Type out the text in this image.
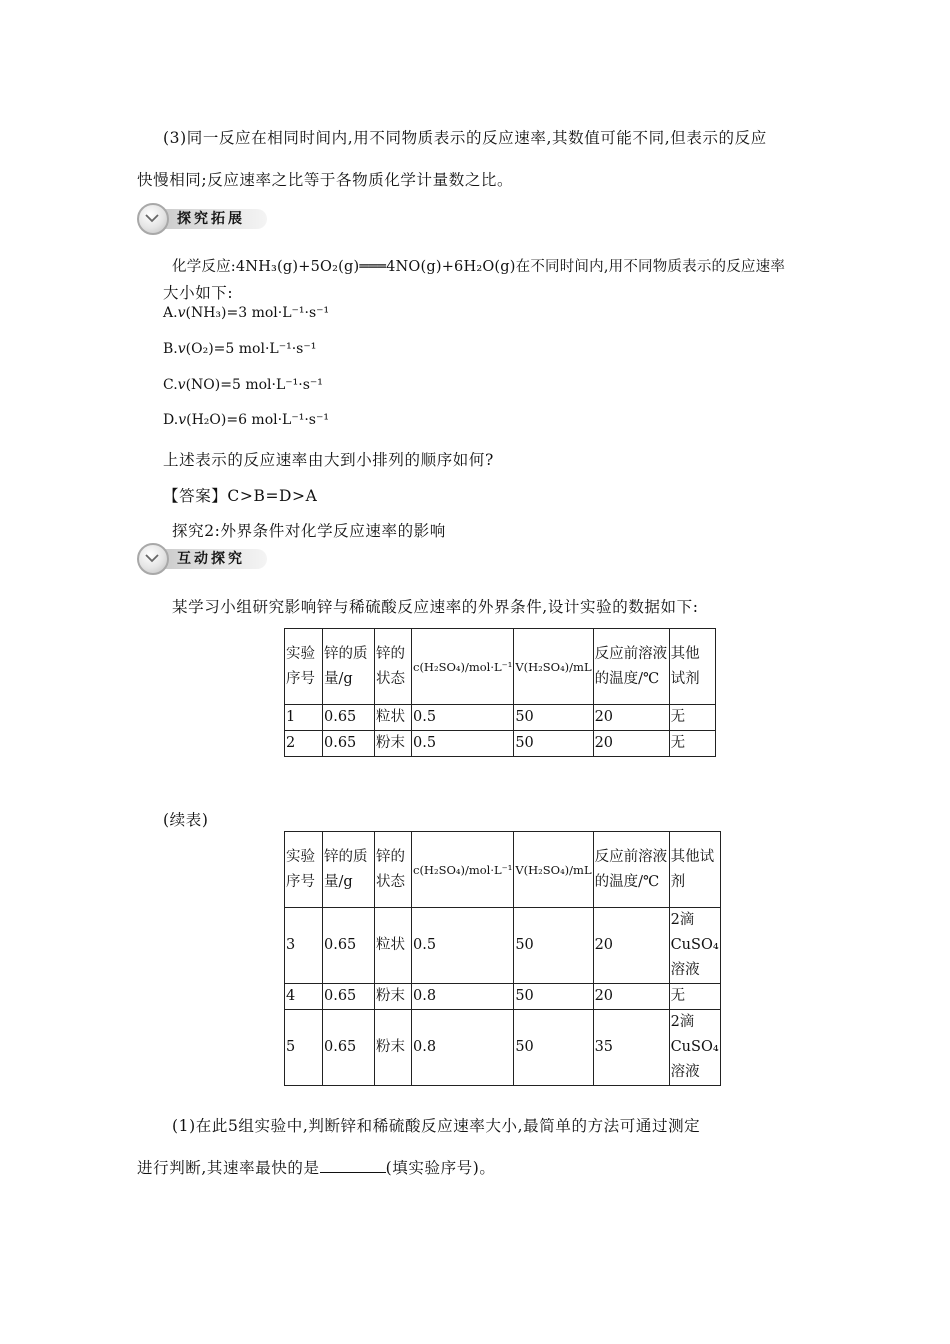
(3)同一反应在相同时间内,用不同物质表示的反应速率,其数值可能不同,但表示的反应
快慢相同;反应速率之比等于各物质化学计量数之比。
探究拓展
化学反应:4NH₃(g)+5O₂(g)═══4NO(g)+6H₂O(g)在不同时间内,用不同物质表示的反应速率
大小如下:
A.v(NH₃)=3 mol·L⁻¹·s⁻¹
B.v(O₂)=5 mol·L⁻¹·s⁻¹
C.v(NO)=5 mol·L⁻¹·s⁻¹
D.v(H₂O)=6 mol·L⁻¹·s⁻¹
上述表示的反应速率由大到小排列的顺序如何?
【答案】C>B=D>A
探究2:外界条件对化学反应速率的影响
互动探究
某学习小组研究影响锌与稀硫酸反应速率的外界条件,设计实验的数据如下:
实验序号	锌的质量/g	锌的状态	c(H₂SO₄)/mol·L⁻¹	V(H₂SO₄)/mL	反应前溶液的温度/℃	其他试剂
1	0.65	粒状	0.5	50	20	无
2	0.65	粉末	0.5	50	20	无
(续表)
实验序号	锌的质量/g	锌的状态	c(H₂SO₄)/mol·L⁻¹	V(H₂SO₄)/mL	反应前溶液的温度/℃	其他试剂
3	0.65	粒状	0.5	50	20	2滴CuSO₄溶液
4	0.65	粉末	0.8	50	20	无
5	0.65	粉末	0.8	50	35	2滴CuSO₄溶液
(1)在此5组实验中,判断锌和稀硫酸反应速率大小,最简单的方法可通过测定
进行判断,其速率最快的是	(填实验序号)。
